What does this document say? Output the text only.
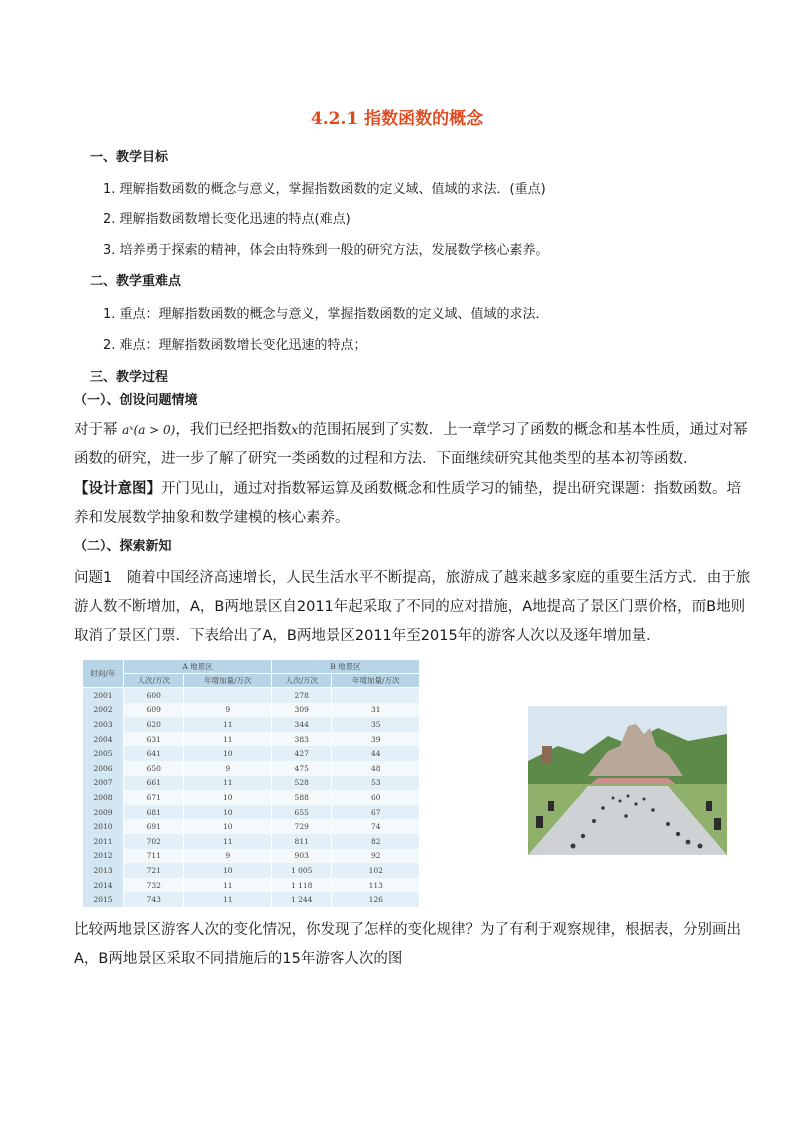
4.2.1 指数函数的概念
一、教学目标
1. 理解指数函数的概念与意义，掌握指数函数的定义域、值域的求法．(重点)
2. 理解指数函数增长变化迅速的特点(难点)
3. 培养勇于探索的精神，体会由特殊到一般的研究方法，发展数学核心素养。
二、教学重难点
1. 重点：理解指数函数的概念与意义，掌握指数函数的定义域、值域的求法．
2. 难点：理解指数函数增长变化迅速的特点；
三、教学过程
（一）、创设问题情境
对于幂 aˣ(a > 0)，我们已经把指数x的范围拓展到了实数．上一章学习了函数的概念和基本性质，通过对幂函数的研究，进一步了解了研究一类函数的过程和方法．下面继续研究其他类型的基本初等函数．
【设计意图】开门见山，通过对指数幂运算及函数概念和性质学习的铺垫，提出研究课题：指数函数。培养和发展数学抽象和数学建模的核心素养。
（二）、探索新知
问题1　随着中国经济高速增长，人民生活水平不断提高，旅游成了越来越多家庭的重要生活方式．由于旅游人数不断增加，A，B两地景区自2011年起采取了不同的应对措施，A地提高了景区门票价格，而B地则取消了景区门票．下表给出了A，B两地景区2011年至2015年的游客人次以及逐年增加量．
时间/年	A 地景区		B 地景区	
	人次/万次	年增加量/万次	人次/万次	年增加量/万次
2001	600		278	
2002	609	9	309	31
2003	620	11	344	35
2004	631	11	383	39
2005	641	10	427	44
2006	650	9	475	48
2007	661	11	528	53
2008	671	10	588	60
2009	681	10	655	67
2010	691	10	729	74
2011	702	11	811	82
2012	711	9	903	92
2013	721	10	1 005	102
2014	732	11	1 118	113
2015	743	11	1 244	126
比较两地景区游客人次的变化情况，你发现了怎样的变化规律？为了有利于观察规律，根据表，分别画出A，B两地景区采取不同措施后的15年游客人次的图
